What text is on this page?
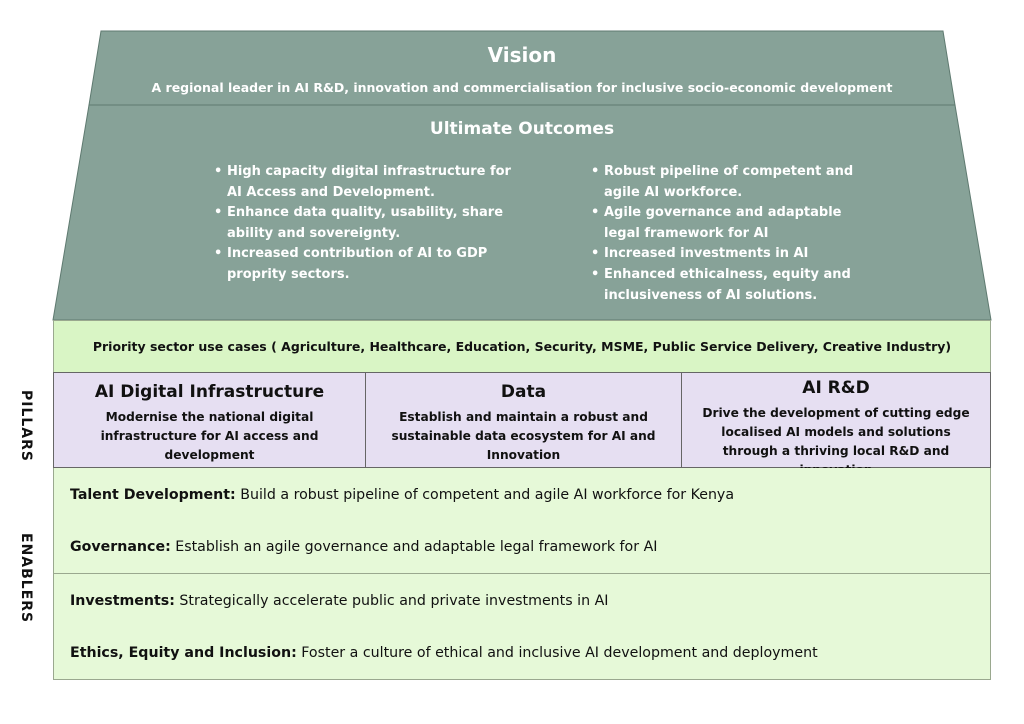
Vision
A regional leader in AI R&D, innovation and commercialisation for inclusive socio-economic development
Ultimate Outcomes
• High capacity digital infrastructure for AI Access and Development.
• Enhance data quality, usability, share ability and sovereignty.
• Increased contribution of AI to GDP proprity sectors.
• Robust pipeline of competent and agile AI workforce.
• Agile governance and adaptable legal framework for AI
• Increased investments in AI
• Enhanced ethicalness, equity and inclusiveness of AI solutions.
Priority sector use cases ( Agriculture, Healthcare, Education, Security, MSME, Public Service Delivery, Creative Industry)
AI Digital Infrastructure
Modernise the national digital infrastructure for AI access and development
Data
Establish and maintain a robust and sustainable data ecosystem for AI and Innovation
AI R&D
Drive the development of cutting edge localised AI models and solutions through a thriving local R&D and
Talent Development: Build a robust pipeline of competent and agile AI workforce for Kenya
Governance: Establish an agile governance and adaptable legal framework for AI
Investments: Strategically accelerate public and private investments in AI
Ethics, Equity and Inclusion: Foster a culture of ethical and inclusive AI development and deployment
PILLARS
ENABLERS
